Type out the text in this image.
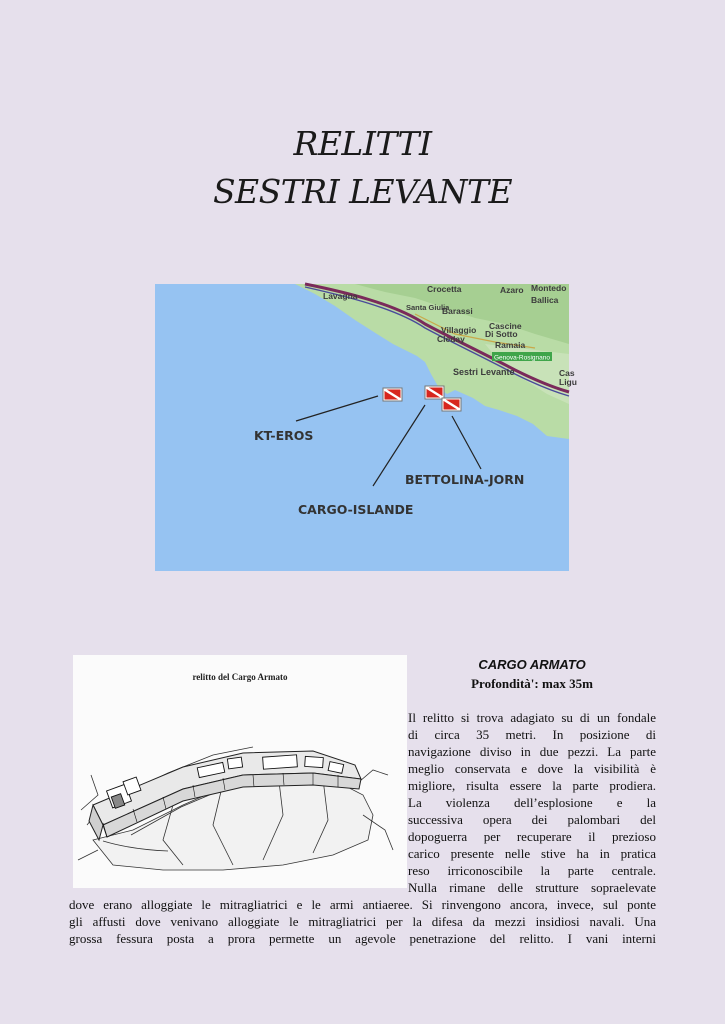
RELITTI
SESTRI LEVANTE
Genova-Rosignano
Crocetta	Azaro Montedo
Lavagna	Ballica
Santa Giulia
Barassi
Cascine
Villaggio Di Sotto
Cleday
Ramaia
Sestri Levante	Cas
Ligu
KT-EROS
BETTOLINA-JORN
CARGO-ISLANDE
relitto del Cargo Armato
CARGO ARMATO
Profondità': max 35m
Il relitto si trova adagiato su di un fondale
di circa 35 metri. In posizione di
navigazione diviso in due pezzi. La parte
meglio conservata e dove la visibilità è
migliore, risulta essere la parte prodiera.
La violenza dell’esplosione e la
successiva opera dei palombari del
dopoguerra per recuperare il prezioso
carico presente nelle stive ha in pratica
reso irriconoscibile la parte centrale.
Nulla rimane delle strutture sopraelevate
dove erano alloggiate le mitragliatrici e le armi antiaeree. Si rinvengono ancora, invece, sul ponte
gli affusti dove venivano alloggiate le mitragliatrici per la difesa da mezzi insidiosi navali. Una
grossa fessura posta a prora permette un agevole penetrazione del relitto. I vani interni
